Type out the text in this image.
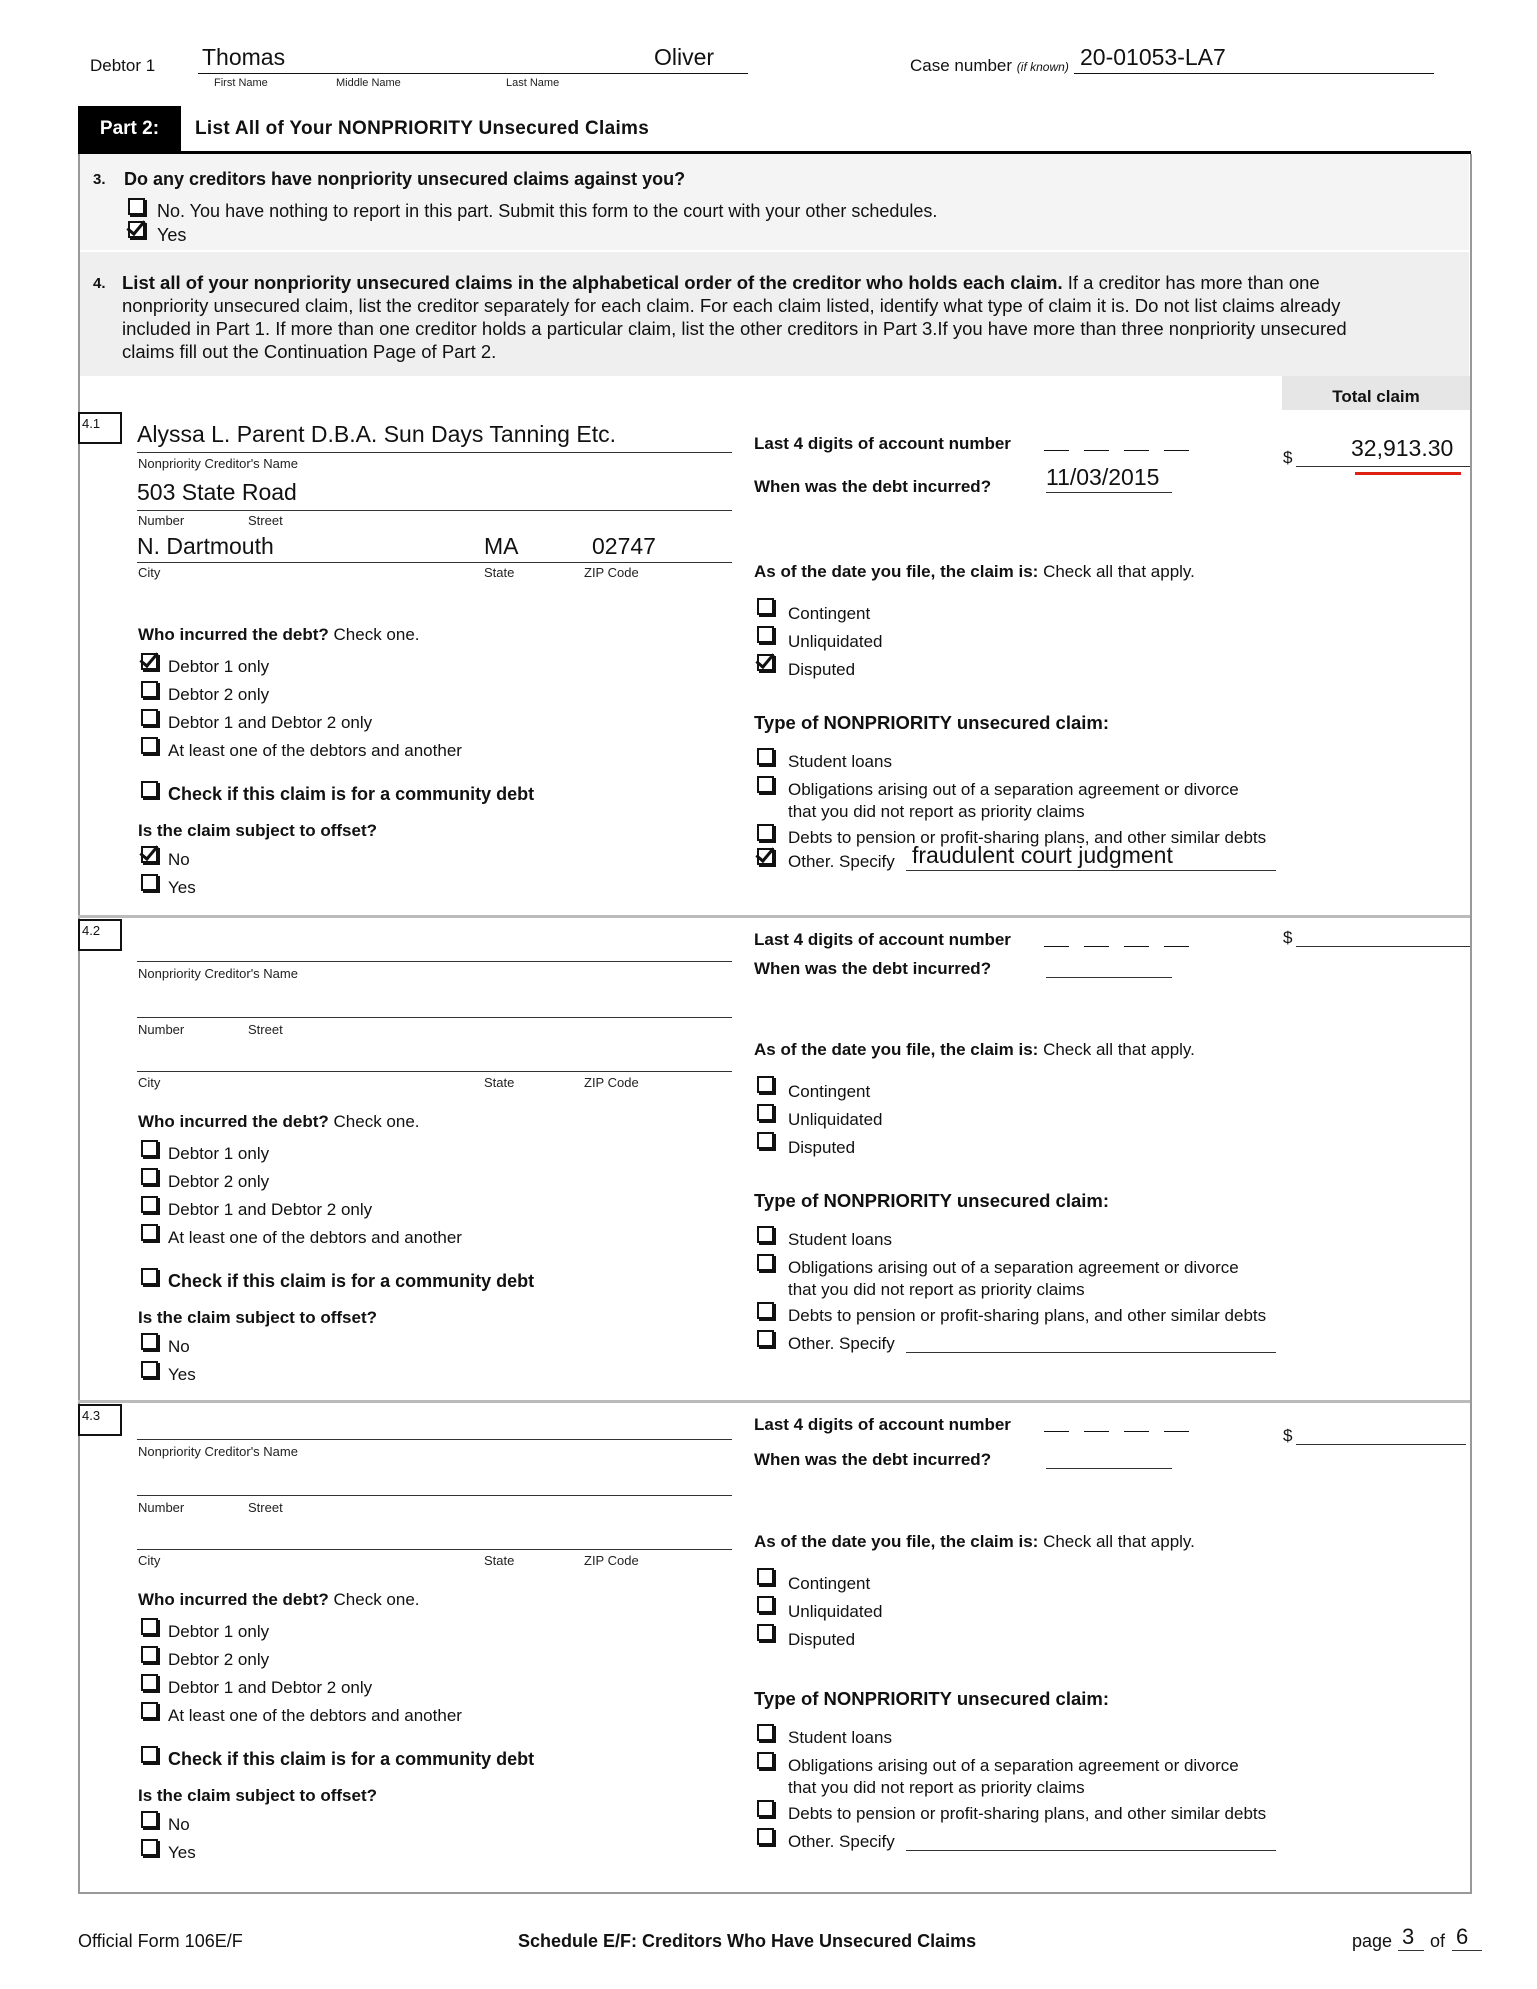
Debtor 1 Thomas	Oliver
First Name	Middle Name	Last Name
Case number (if known) 20-01053-LA7
Part 2:	List All of Your NONPRIORITY Unsecured Claims
3. Do any creditors have nonpriority unsecured claims against you?
No. You have nothing to report in this part. Submit this form to the court with your other schedules.
Yes
4. List all of your nonpriority unsecured claims in the alphabetical order of the creditor who holds each claim. If a creditor has more than one
nonpriority unsecured claim, list the creditor separately for each claim. For each claim listed, identify what type of claim it is. Do not list claims already
included in Part 1. If more than one creditor holds a particular claim, list the other creditors in Part 3.If you have more than three nonpriority unsecured
claims fill out the Continuation Page of Part 2.
Total claim
4.1	Alyssa L. Parent D.B.A. Sun Days Tanning Etc.
Nonpriority Creditor's Name
503 State Road
Number	Street
N. Dartmouth	MA	02747
City	State	ZIP Code
Who incurred the debt? Check one.
Debtor 1 only
Debtor 2 only
Debtor 1 and Debtor 2 only
At least one of the debtors and another
Check if this claim is for a community debt
Is the claim subject to offset?
No
Yes
Last 4 digits of account number
When was the debt incurred? 11/03/2015
$	32,913.30
As of the date you file, the claim is: Check all that apply.
Contingent
Unliquidated
Disputed
Type of NONPRIORITY unsecured claim:
Student loans
Obligations arising out of a separation agreement or divorce
that you did not report as priority claims
Debts to pension or profit-sharing plans, and other similar debts
Other. Specify fraudulent court judgment
4.2
Nonpriority Creditor's Name
Number	Street
City	State	ZIP Code
Who incurred the debt? Check one.
Debtor 1 only
Debtor 2 only
Debtor 1 and Debtor 2 only
At least one of the debtors and another
Check if this claim is for a community debt
Is the claim subject to offset?
No
Yes
Last 4 digits of account number
When was the debt incurred?
$
As of the date you file, the claim is: Check all that apply.
Contingent
Unliquidated
Disputed
Type of NONPRIORITY unsecured claim:
Student loans
Obligations arising out of a separation agreement or divorce
that you did not report as priority claims
Debts to pension or profit-sharing plans, and other similar debts
Other. Specify
4.3
Nonpriority Creditor's Name
Number	Street
City	State	ZIP Code
Who incurred the debt? Check one.
Debtor 1 only
Debtor 2 only
Debtor 1 and Debtor 2 only
At least one of the debtors and another
Check if this claim is for a community debt
Is the claim subject to offset?
No
Yes
Last 4 digits of account number
When was the debt incurred?
$
As of the date you file, the claim is: Check all that apply.
Contingent
Unliquidated
Disputed
Type of NONPRIORITY unsecured claim:
Student loans
Obligations arising out of a separation agreement or divorce
that you did not report as priority claims
Debts to pension or profit-sharing plans, and other similar debts
Other. Specify
Official Form 106E/F	Schedule E/F: Creditors Who Have Unsecured Claims	page 3 of 6
